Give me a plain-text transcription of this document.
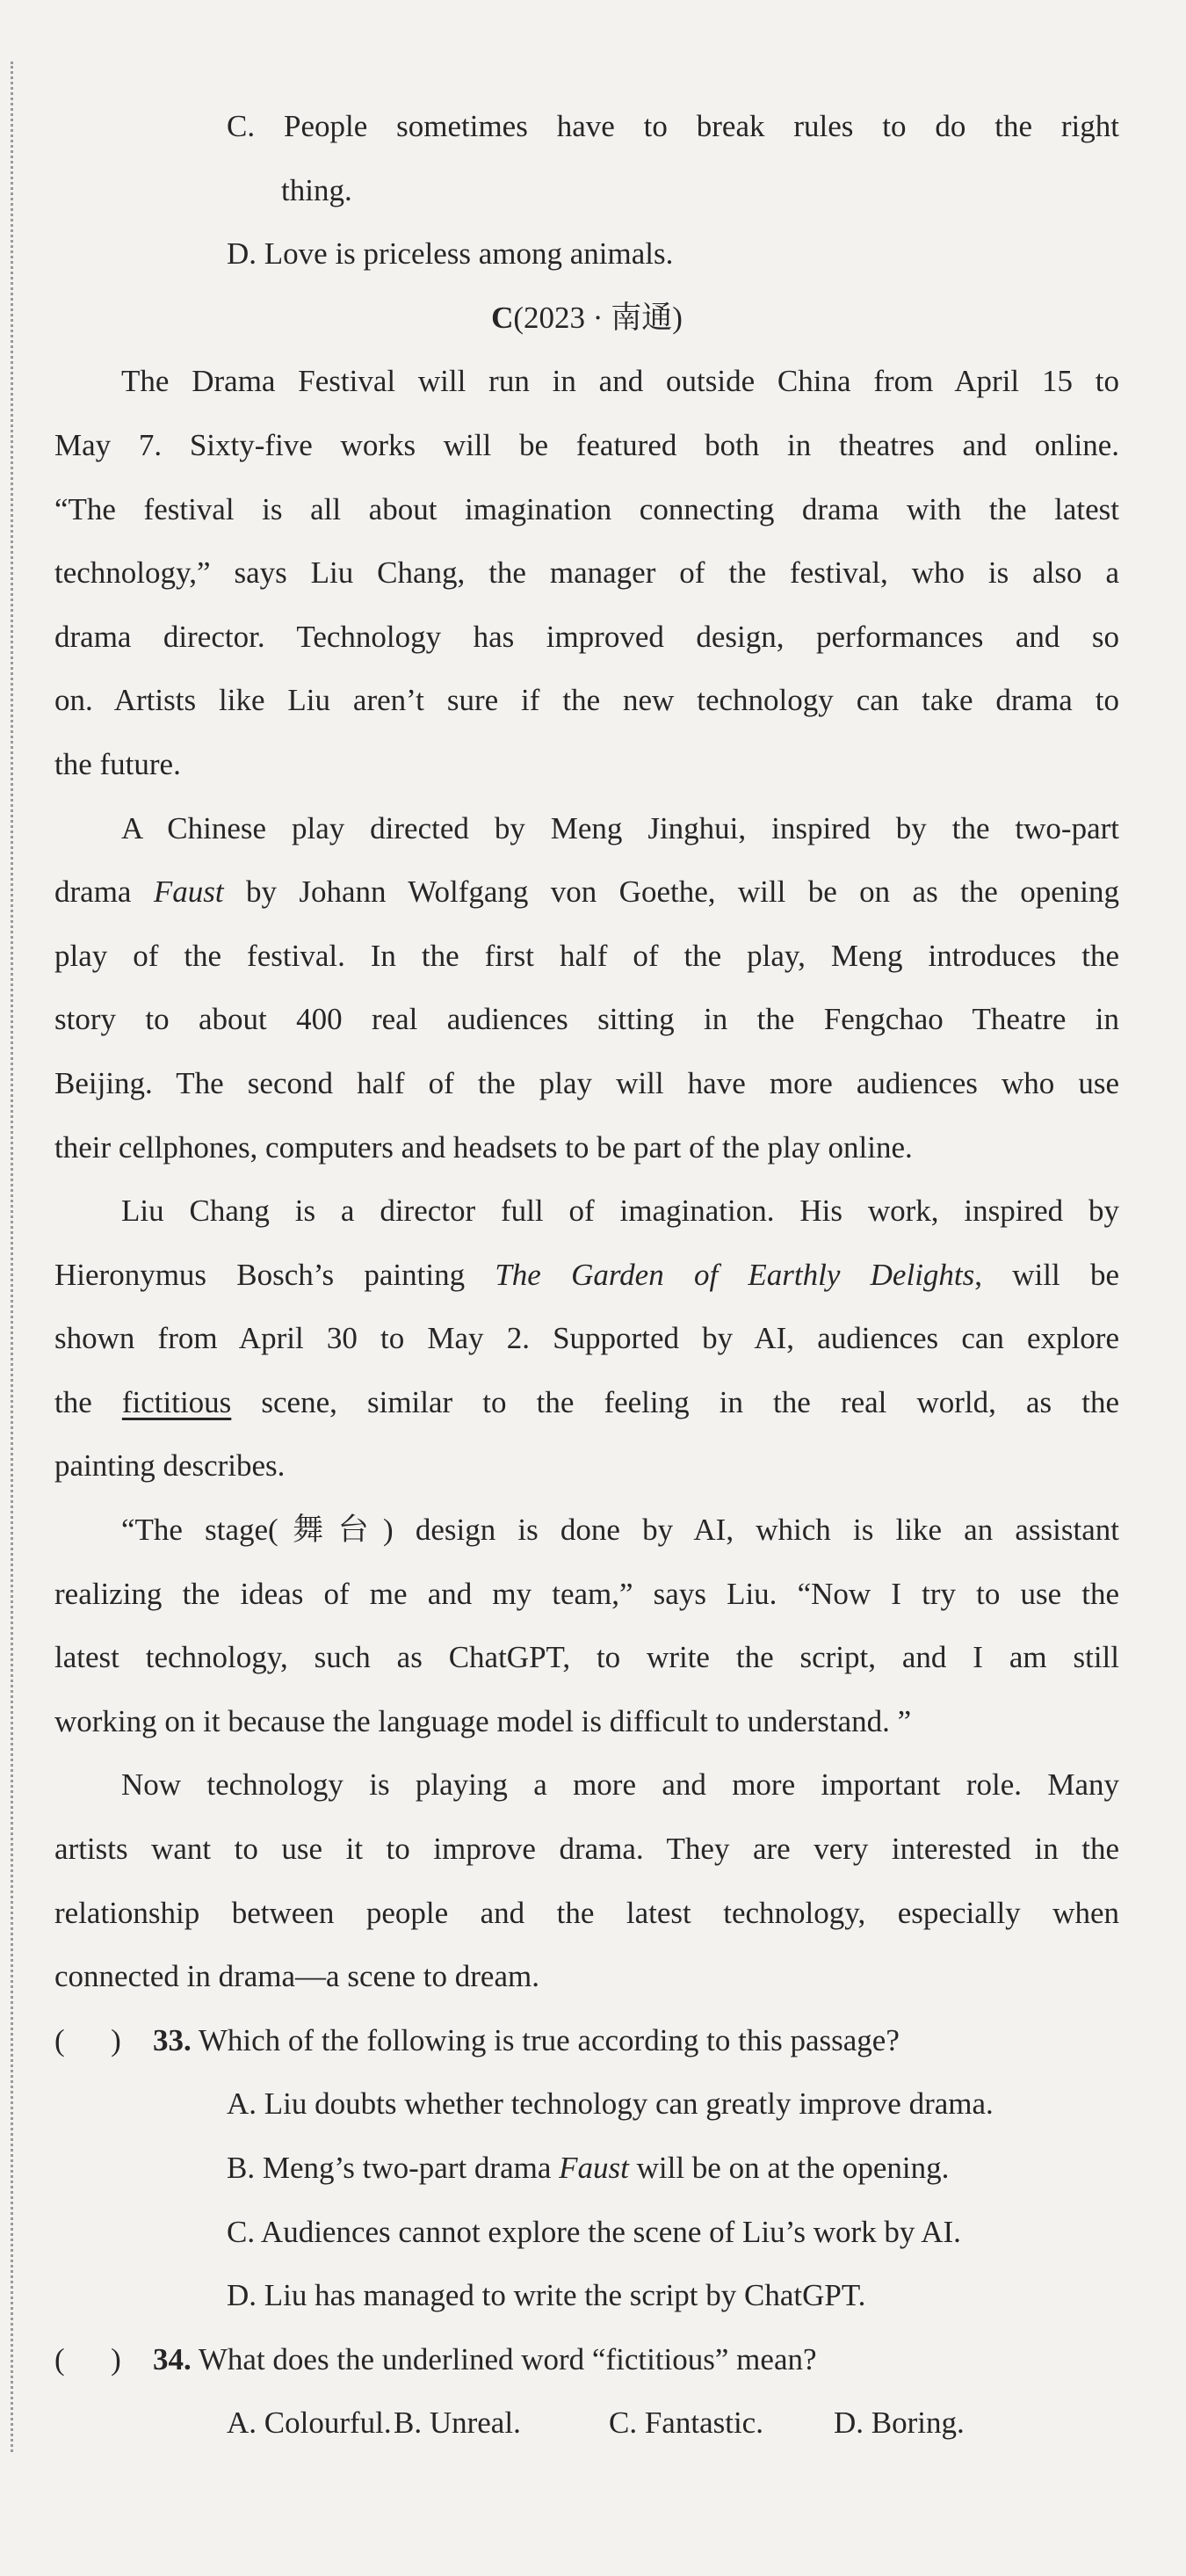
C. People sometimes have to break rules to do the right
thing.
D. Love is priceless among animals.
C(2023 · 南通)
The Drama Festival will run in and outside China from April 15 to
May 7. Sixty-five works will be featured both in theatres and online.
“The festival is all about imagination connecting drama with the latest
technology,” says Liu Chang, the manager of the festival, who is also a
drama director. Technology has improved design, performances and so
on. Artists like Liu aren’t sure if the new technology can take drama to
the future.
A Chinese play directed by Meng Jinghui, inspired by the two-part
drama Faust by Johann Wolfgang von Goethe, will be on as the opening
play of the festival. In the first half of the play, Meng introduces the
story to about 400 real audiences sitting in the Fengchao Theatre in
Beijing. The second half of the play will have more audiences who use
their cellphones, computers and headsets to be part of the play online.
Liu Chang is a director full of imagination. His work, inspired by
Hieronymus Bosch’s painting The Garden of Earthly Delights, will be
shown from April 30 to May 2. Supported by AI, audiences can explore
the fictitious scene, similar to the feeling in the real world, as the
painting describes.
“The stage(舞台) design is done by AI, which is like an assistant
realizing the ideas of me and my team,” says Liu. “Now I try to use the
latest technology, such as ChatGPT, to write the script, and I am still
working on it because the language model is difficult to understand. ”
Now technology is playing a more and more important role. Many
artists want to use it to improve drama. They are very interested in the
relationship between people and the latest technology, especially when
connected in drama—a scene to dream.
(      ) 33. Which of the following is true according to this passage?
A. Liu doubts whether technology can greatly improve drama.
B. Meng’s two-part drama Faust will be on at the opening.
C. Audiences cannot explore the scene of Liu’s work by AI.
D. Liu has managed to write the script by ChatGPT.
(      ) 34. What does the underlined word “fictitious” mean?
A. Colourful.B. Unreal.	C. Fantastic. D. Boring.
